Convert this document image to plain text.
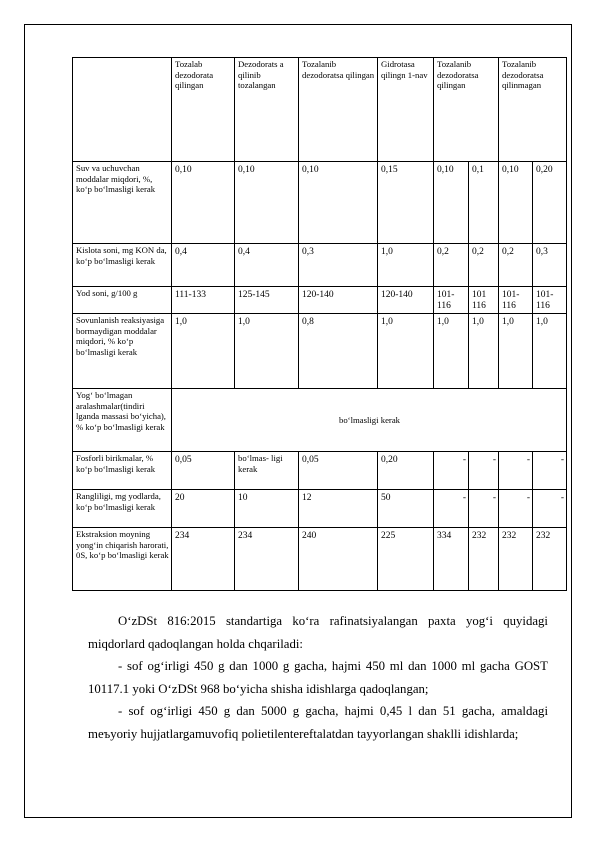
	Tozalab dezodorata qilingan	Dezodorats a qilinib tozalangan	Tozalanib dezodoratsa qilingan	Gidrotasa qilingn 1-nav	Tozalanib dezodoratsa qilingan		Tozalanib dezodoratsa qilinmagan	
Suv va uchuvchan moddalar miqdori, %, ko‘p bo‘lmasligi kerak	0,10	0,10	0,10	0,15	0,10	0,1	0,10	0,20
Kislota soni, mg KON da, ko‘p bo‘lmasligi kerak	0,4	0,4	0,3	1,0	0,2	0,2	0,2	0,3
Yod soni, g/100 g	111-133	125-145	120-140	120-140	101- 116	101 116	101- 116	101- 116
Sovunlanish reaksiyasiga bormaydigan moddalar miqdori, % ko‘p bo‘lmasligi kerak	1,0	1,0	0,8	1,0	1,0	1,0	1,0	1,0
Yog‘ bo‘lmagan aralashmalar(tindiri lganda massasi bo‘yicha), % ko‘p bo‘lmasligi kerak	bo‘lmasligi kerak							
Fosforli birikmalar, % ko‘p bo‘lmasligi kerak	0,05	bo‘lmas- ligi kerak	0,05	0,20	-	-	-	-
Rangliligi, mg yodlarda, ko‘p bo‘lmasligi kerak	20	10	12	50	-	-	-	-
Ekstraksion moyning yong‘in chiqarish harorati, 0S, ko‘p bo‘lmasligi kerak	234	234	240	225	334	232	232	232

O‘zDSt 816:2015 standartiga ko‘ra rafinatsiyalangan paxta yog‘i quyidagi miqdorlard qadoqlangan holda chqariladi:

- sof og‘irligi 450 g dan 1000 g gacha, hajmi 450 ml dan 1000 ml gacha GOST 10117.1 yoki O‘zDSt 968 bo‘yicha shisha idishlarga qadoqlangan;

- sof og‘irligi 450 g dan 5000 g gacha, hajmi 0,45 l dan 51 gacha, amaldagi meъyoriy hujjatlargamuvofiq polietilentereftalatdan tayyorlangan shaklli idishlarda;
